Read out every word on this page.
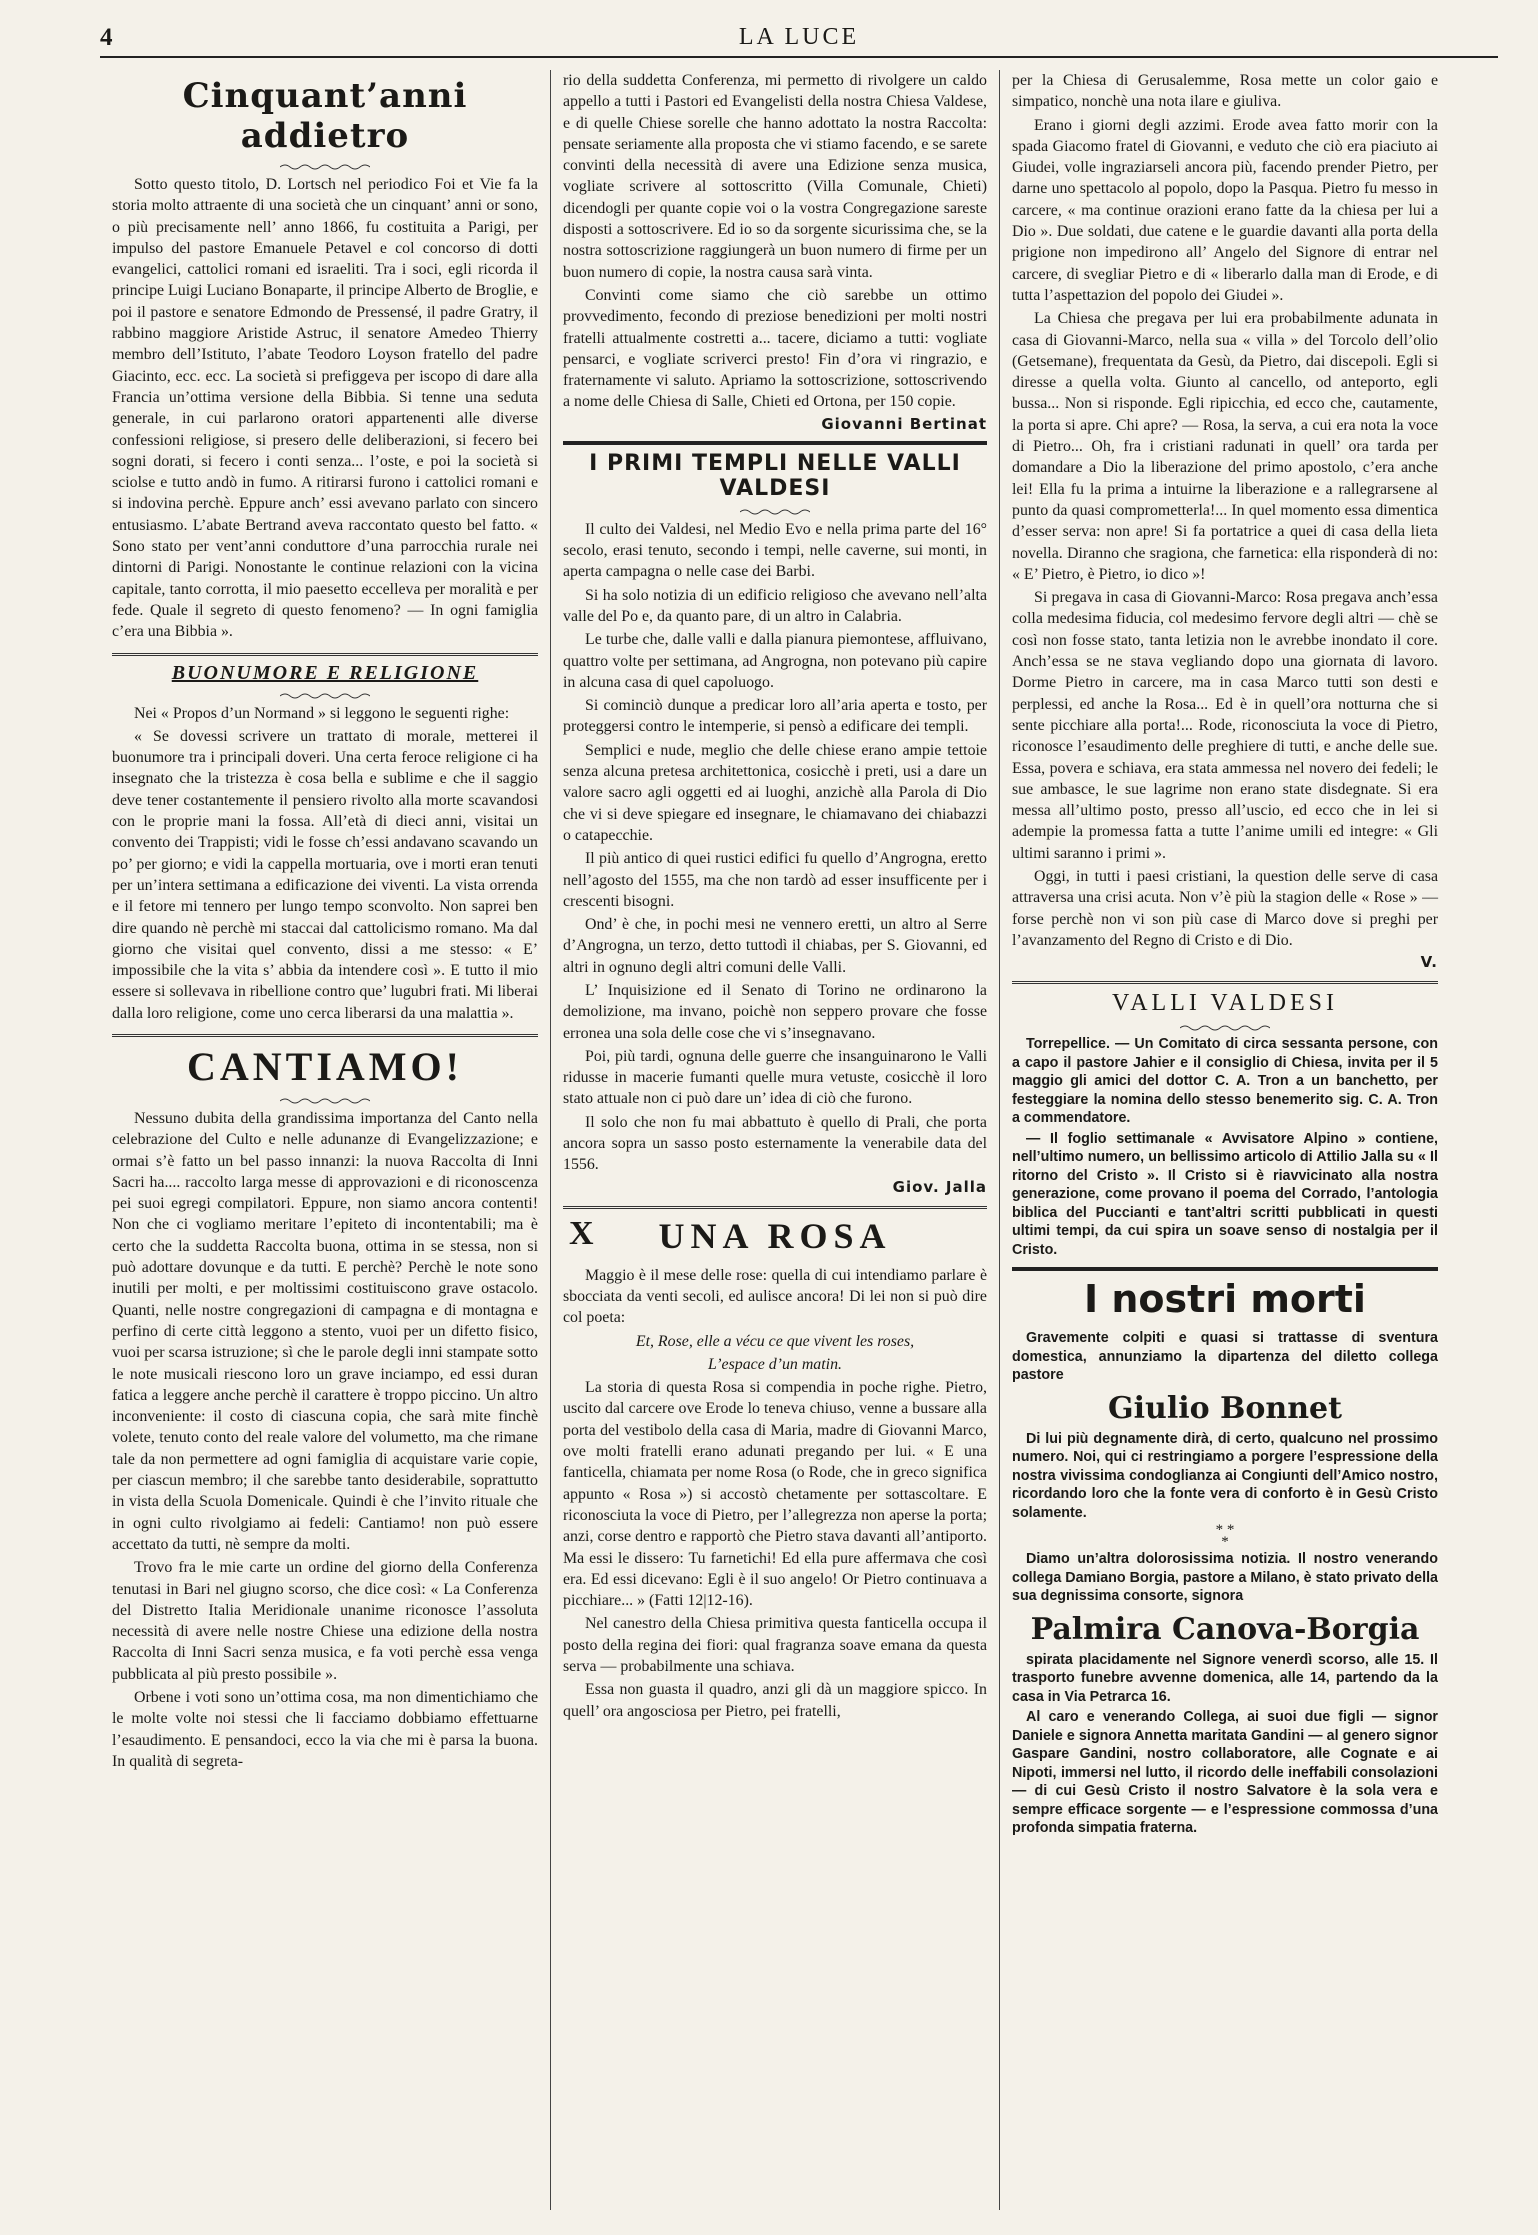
4	LA LUCE
Cinquant’anni addietro

Sotto questo titolo, D. Lortsch nel periodico Foi et Vie fa la storia molto attraente di una società che un cinquant’ anni or sono, o più precisamente nell’ anno 1866, fu costituita a Parigi, per impulso del pastore Emanuele Petavel e col concorso di dotti evangelici, cattolici romani ed israeliti. Tra i soci, egli ricorda il principe Luigi Luciano Bonaparte, il principe Alberto de Broglie, e poi il pastore e senatore Edmondo de Pressensé, il padre Gratry, il rabbino maggiore Aristide Astruc, il senatore Amedeo Thierry membro dell’Istituto, l’abate Teodoro Loyson fratello del padre Giacinto, ecc. ecc. La società si prefiggeva per iscopo di dare alla Francia un’ottima versione della Bibbia. Si tenne una seduta generale, in cui parlarono oratori appartenenti alle diverse confessioni religiose, si presero delle deliberazioni, si fecero bei sogni dorati, si fecero i conti senza... l’oste, e poi la società si sciolse e tutto andò in fumo. A ritirarsi furono i cattolici romani e si indovina perchè. Eppure anch’ essi avevano parlato con sincero entusiasmo. L’abate Bertrand aveva raccontato questo bel fatto. « Sono stato per vent’anni conduttore d’una parrocchia rurale nei dintorni di Parigi. Nonostante le continue relazioni con la vicina capitale, tanto corrotta, il mio paesetto eccelleva per moralità e per fede. Quale il segreto di questo fenomeno? — In ogni famiglia c’era una Bibbia ».

BUONUMORE E RELIGIONE

Nei « Propos d’un Normand » si leggono le seguenti righe:

« Se dovessi scrivere un trattato di morale, metterei il buonumore tra i principali doveri. Una certa feroce religione ci ha insegnato che la tristezza è cosa bella e sublime e che il saggio deve tener costantemente il pensiero rivolto alla morte scavandosi con le proprie mani la fossa. All’età di dieci anni, visitai un convento dei Trappisti; vidi le fosse ch’essi andavano scavando un po’ per giorno; e vidi la cappella mortuaria, ove i morti eran tenuti per un’intera settimana a edificazione dei viventi. La vista orrenda e il fetore mi tennero per lungo tempo sconvolto. Non saprei ben dire quando nè perchè mi staccai dal cattolicismo romano. Ma dal giorno che visitai quel convento, dissi a me stesso: « E’ impossibile che la vita s’ abbia da intendere così ». E tutto il mio essere si sollevava in ribellione contro que’ lugubri frati. Mi liberai dalla loro religione, come uno cerca liberarsi da una malattia ».

CANTIAMO!

Nessuno dubita della grandissima importanza del Canto nella celebrazione del Culto e nelle adunanze di Evangelizzazione; e ormai s’è fatto un bel passo innanzi: la nuova Raccolta di Inni Sacri ha.... raccolto larga messe di approvazioni e di riconoscenza pei suoi egregi compilatori. Eppure, non siamo ancora contenti! Non che ci vogliamo meritare l’epiteto di incontentabili; ma è certo che la suddetta Raccolta buona, ottima in se stessa, non si può adottare dovunque e da tutti. E perchè? Perchè le note sono inutili per molti, e per moltissimi costituiscono grave ostacolo. Quanti, nelle nostre congregazioni di campagna e di montagna e perfino di certe città leggono a stento, vuoi per un difetto fisico, vuoi per scarsa istruzione; sì che le parole degli inni stampate sotto le note musicali riescono loro un grave inciampo, ed essi duran fatica a leggere anche perchè il carattere è troppo piccino. Un altro inconveniente: il costo di ciascuna copia, che sarà mite finchè volete, tenuto conto del reale valore del volumetto, ma che rimane tale da non permettere ad ogni famiglia di acquistare varie copie, per ciascun membro; il che sarebbe tanto desiderabile, soprattutto in vista della Scuola Domenicale. Quindi è che l’invito rituale che in ogni culto rivolgiamo ai fedeli: Cantiamo! non può essere accettato da tutti, nè sempre da molti.

Trovo fra le mie carte un ordine del giorno della Conferenza tenutasi in Bari nel giugno scorso, che dice così: « La Conferenza del Distretto Italia Meridionale unanime riconosce l’assoluta necessità di avere nelle nostre Chiese una edizione della nostra Raccolta di Inni Sacri senza musica, e fa voti perchè essa venga pubblicata al più presto possibile ».

Orbene i voti sono un’ottima cosa, ma non dimentichiamo che le molte volte noi stessi che li facciamo dobbiamo effettuarne l’esaudimento. E pensandoci, ecco la via che mi è parsa la buona. In qualità di segreta-

rio della suddetta Conferenza, mi permetto di rivolgere un caldo appello a tutti i Pastori ed Evangelisti della nostra Chiesa Valdese, e di quelle Chiese sorelle che hanno adottato la nostra Raccolta: pensate seriamente alla proposta che vi stiamo facendo, e se sarete convinti della necessità di avere una Edizione senza musica, vogliate scrivere al sottoscritto (Villa Comunale, Chieti) dicendogli per quante copie voi o la vostra Congregazione sareste disposti a sottoscrivere. Ed io so da sorgente sicurissima che, se la nostra sottoscrizione raggiungerà un buon numero di firme per un buon numero di copie, la nostra causa sarà vinta.

Convinti come siamo che ciò sarebbe un ottimo provvedimento, fecondo di preziose benedizioni per molti nostri fratelli attualmente costretti a... tacere, diciamo a tutti: vogliate pensarci, e vogliate scriverci presto! Fin d’ora vi ringrazio, e fraternamente vi saluto. Apriamo la sottoscrizione, sottoscrivendo a nome delle Chiesa di Salle, Chieti ed Ortona, per 150 copie.

Giovanni Bertinat
I PRIMI TEMPLI NELLE VALLI VALDESI

Il culto dei Valdesi, nel Medio Evo e nella prima parte del 16° secolo, erasi tenuto, secondo i tempi, nelle caverne, sui monti, in aperta campagna o nelle case dei Barbi.

Si ha solo notizia di un edificio religioso che avevano nell’alta valle del Po e, da quanto pare, di un altro in Calabria.

Le turbe che, dalle valli e dalla pianura piemontese, affluivano, quattro volte per settimana, ad Angrogna, non potevano più capire in alcuna casa di quel capoluogo.

Si cominciò dunque a predicar loro all’aria aperta e tosto, per proteggersi contro le intemperie, si pensò a edificare dei templi.

Semplici e nude, meglio che delle chiese erano ampie tettoie senza alcuna pretesa architettonica, cosicchè i preti, usi a dare un valore sacro agli oggetti ed ai luoghi, anzichè alla Parola di Dio che vi si deve spiegare ed insegnare, le chiamavano dei chiabazzi o catapecchie.

Il più antico di quei rustici edifici fu quello d’Angrogna, eretto nell’agosto del 1555, ma che non tardò ad esser insufficente per i crescenti bisogni.

Ond’ è che, in pochi mesi ne vennero eretti, un altro al Serre d’Angrogna, un terzo, detto tuttodì il chiabas, per S. Giovanni, ed altri in ognuno degli altri comuni delle Valli.

L’ Inquisizione ed il Senato di Torino ne ordinarono la demolizione, ma invano, poichè non seppero provare che fosse erronea una sola delle cose che vi s’insegnavano.

Poi, più tardi, ognuna delle guerre che insanguinarono le Valli ridusse in macerie fumanti quelle mura vetuste, cosicchè il loro stato attuale non ci può dare un’ idea di ciò che furono.

Il solo che non fu mai abbattuto è quello di Prali, che porta ancora sopra un sasso posto esternamente la venerabile data del 1556.

Giov. Jalla
X UNA ROSA

Maggio è il mese delle rose: quella di cui intendiamo parlare è sbocciata da venti secoli, ed aulisce ancora! Di lei non si può dire col poeta:

Et, Rose, elle a vécu ce que vivent les roses,
L’espace d’un matin.

La storia di questa Rosa si compendia in poche righe. Pietro, uscito dal carcere ove Erode lo teneva chiuso, venne a bussare alla porta del vestibolo della casa di Maria, madre di Giovanni Marco, ove molti fratelli erano adunati pregando per lui. « E una fanticella, chiamata per nome Rosa (o Rode, che in greco significa appunto « Rosa ») si accostò chetamente per sottascoltare. E riconosciuta la voce di Pietro, per l’allegrezza non aperse la porta; anzi, corse dentro e rapportò che Pietro stava davanti all’antiporto. Ma essi le dissero: Tu farnetichi! Ed ella pure affermava che così era. Ed essi dicevano: Egli è il suo angelo! Or Pietro continuava a picchiare... » (Fatti 12|12-16).

Nel canestro della Chiesa primitiva questa fanticella occupa il posto della regina dei fiori: qual fragranza soave emana da questa serva — probabilmente una schiava.

Essa non guasta il quadro, anzi gli dà un maggiore spicco. In quell’ ora angosciosa per Pietro, pei fratelli,

per la Chiesa di Gerusalemme, Rosa mette un color gaio e simpatico, nonchè una nota ilare e giuliva.

Erano i giorni degli azzimi. Erode avea fatto morir con la spada Giacomo fratel di Giovanni, e veduto che ciò era piaciuto ai Giudei, volle ingraziarseli ancora più, facendo prender Pietro, per darne uno spettacolo al popolo, dopo la Pasqua. Pietro fu messo in carcere, « ma continue orazioni erano fatte da la chiesa per lui a Dio ». Due soldati, due catene e le guardie davanti alla porta della prigione non impedirono all’ Angelo del Signore di entrar nel carcere, di svegliar Pietro e di « liberarlo dalla man di Erode, e di tutta l’aspettazion del popolo dei Giudei ».

La Chiesa che pregava per lui era probabilmente adunata in casa di Giovanni-Marco, nella sua « villa » del Torcolo dell’olio (Getsemane), frequentata da Gesù, da Pietro, dai discepoli. Egli si diresse a quella volta. Giunto al cancello, od anteporto, egli bussa... Non si risponde. Egli ripicchia, ed ecco che, cautamente, la porta si apre. Chi apre? — Rosa, la serva, a cui era nota la voce di Pietro... Oh, fra i cristiani radunati in quell’ ora tarda per domandare a Dio la liberazione del primo apostolo, c’era anche lei! Ella fu la prima a intuirne la liberazione e a rallegrarsene al punto da quasi comprometterla!... In quel momento essa dimentica d’esser serva: non apre! Si fa portatrice a quei di casa della lieta novella. Diranno che sragiona, che farnetica: ella risponderà di no: « E’ Pietro, è Pietro, io dico »!

Si pregava in casa di Giovanni-Marco: Rosa pregava anch’essa colla medesima fiducia, col medesimo fervore degli altri — chè se così non fosse stato, tanta letizia non le avrebbe inondato il core. Anch’essa se ne stava vegliando dopo una giornata di lavoro. Dorme Pietro in carcere, ma in casa Marco tutti son desti e perplessi, ed anche la Rosa... Ed è in quell’ora notturna che si sente picchiare alla porta!... Rode, riconosciuta la voce di Pietro, riconosce l’esaudimento delle preghiere di tutti, e anche delle sue. Essa, povera e schiava, era stata ammessa nel novero dei fedeli; le sue ambasce, le sue lagrime non erano state disdegnate. Si era messa all’ultimo posto, presso all’uscio, ed ecco che in lei si adempie la promessa fatta a tutte l’anime umili ed integre: « Gli ultimi saranno i primi ».

Oggi, in tutti i paesi cristiani, la question delle serve di casa attraversa una crisi acuta. Non v’è più la stagion delle « Rose » — forse perchè non vi son più case di Marco dove si preghi per l’avanzamento del Regno di Cristo e di Dio.

V.
VALLI VALDESI

Torrepellice. — Un Comitato di circa sessanta persone, con a capo il pastore Jahier e il consiglio di Chiesa, invita per il 5 maggio gli amici del dottor C. A. Tron a un banchetto, per festeggiare la nomina dello stesso benemerito sig. C. A. Tron a commendatore.

— Il foglio settimanale « Avvisatore Alpino » contiene, nell’ultimo numero, un bellissimo articolo di Attilio Jalla su « Il ritorno del Cristo ». Il Cristo si è riavvicinato alla nostra generazione, come provano il poema del Corrado, l’antologia biblica del Puccianti e tant’altri scritti pubblicati in questi ultimi tempi, da cui spira un soave senso di nostalgia per il Cristo.

I nostri morti

Gravemente colpiti e quasi si trattasse di sventura domestica, annunziamo la dipartenza del diletto collega pastore

Giulio Bonnet

Di lui più degnamente dirà, di certo, qualcuno nel prossimo numero. Noi, qui ci restringiamo a porgere l’espressione della nostra vivissima condoglianza ai Congiunti dell’Amico nostro, ricordando loro che la fonte vera di conforto è in Gesù Cristo solamente.

* *
*

Diamo un’altra dolorosissima notizia. Il nostro venerando collega Damiano Borgia, pastore a Milano, è stato privato della sua degnissima consorte, signora

Palmira Canova-Borgia

spirata placidamente nel Signore venerdì scorso, alle 15. Il trasporto funebre avvenne domenica, alle 14, partendo da la casa in Via Petrarca 16.

Al caro e venerando Collega, ai suoi due figli — signor Daniele e signora Annetta maritata Gandini — al genero signor Gaspare Gandini, nostro collaboratore, alle Cognate e ai Nipoti, immersi nel lutto, il ricordo delle ineffabili consolazioni — di cui Gesù Cristo il nostro Salvatore è la sola vera e sempre efficace sorgente — e l’espressione commossa d’una profonda simpatia fraterna.
